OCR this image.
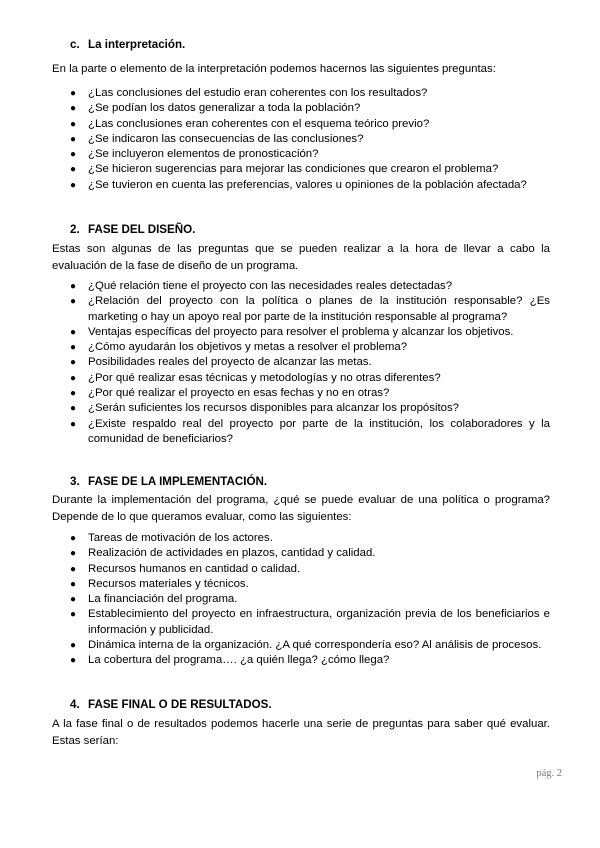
c. La interpretación.
En la parte o elemento de la interpretación podemos hacernos las siguientes preguntas:
● ¿Las conclusiones del estudio eran coherentes con los resultados?
● ¿Se podían los datos generalizar a toda la población?
● ¿Las conclusiones eran coherentes con el esquema teórico previo?
● ¿Se indicaron las consecuencias de las conclusiones?
● ¿Se incluyeron elementos de pronosticación?
● ¿Se hicieron sugerencias para mejorar las condiciones que crearon el problema?
● ¿Se tuvieron en cuenta las preferencias, valores u opiniones de la población afectada?
2. FASE DEL DISEÑO.
Estas son algunas de las preguntas que se pueden realizar a la hora de llevar a cabo la evaluación de la fase de diseño de un programa.
● ¿Qué relación tiene el proyecto con las necesidades reales detectadas?
● ¿Relación del proyecto con la política o planes de la institución responsable? ¿Es marketing o hay un apoyo real por parte de la institución responsable al programa?
● Ventajas específicas del proyecto para resolver el problema y alcanzar los objetivos.
● ¿Cómo ayudarán los objetivos y metas a resolver el problema?
● Posibilidades reales del proyecto de alcanzar las metas.
● ¿Por qué realizar esas técnicas y metodologías y no otras diferentes?
● ¿Por qué realizar el proyecto en esas fechas y no en otras?
● ¿Serán suficientes los recursos disponibles para alcanzar los propósitos?
● ¿Existe respaldo real del proyecto por parte de la institución, los colaboradores y la comunidad de beneficiarios?
3. FASE DE LA IMPLEMENTACIÓN.
Durante la implementación del programa, ¿qué se puede evaluar de una política o programa? Depende de lo que queramos evaluar, como las siguientes:
● Tareas de motivación de los actores.
● Realización de actividades en plazos, cantidad y calidad.
● Recursos humanos en cantidad o calidad.
● Recursos materiales y técnicos.
● La financiación del programa.
● Establecimiento del proyecto en infraestructura, organización previa de los beneficiarios e información y publicidad.
● Dinámica interna de la organización. ¿A qué correspondería eso? Al análisis de procesos.
● La cobertura del programa…. ¿a quién llega? ¿cómo llega?
4. FASE FINAL O DE RESULTADOS.
A la fase final o de resultados podemos hacerle una serie de preguntas para saber qué evaluar. Estas serían:
pág. 2
